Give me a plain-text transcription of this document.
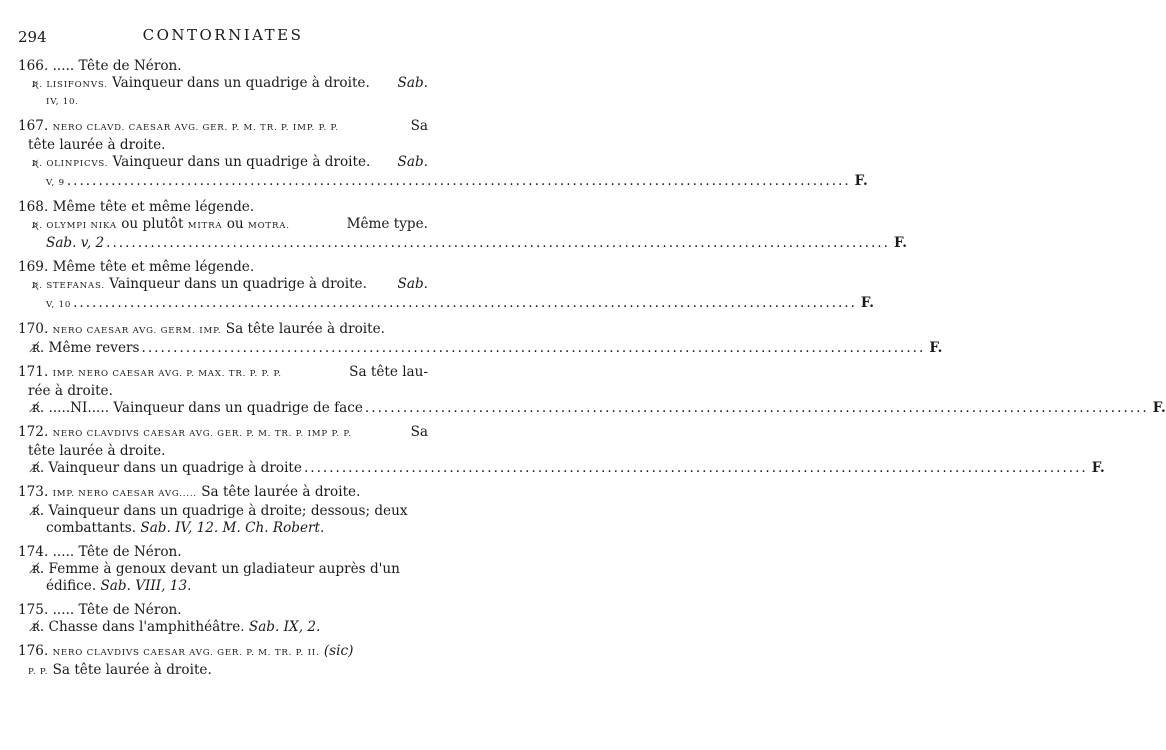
294	CONTORNIATES
166. ..... Tête de Néron.
Ʀ̸. LISIFONVS. Vainqueur dans un quadrige à droite. Sab.
IV, 10.
167. NERO CLAVD. CAESAR AVG. GER. P. M. TR. P. IMP. P. P.	Sa
tête laurée à droite.
Ʀ̸. OLINPICVS. Vainqueur dans un quadrige à droite. Sab.
V, 9 ............................................................................................................................ F.
168. Même tête et même légende.
Ʀ̸. OLYMPI NIKA ou plutôt MITRA ou MOTRA.	Même type.
Sab. v, 2 ............................................................................................................................ F.
169. Même tête et même légende.
Ʀ̸. STEFANAS. Vainqueur dans un quadrige à droite. Sab.
V, 10 ............................................................................................................................ F.
170. NERO CAESAR AVG. GERM. IMP. Sa tête laurée à droite.
ʀ̸. Même revers ............................................................................................................................ F.
171. IMP. NERO CAESAR AVG. P. MAX. TR. P. P. P.	Sa tête lau-
rée à droite.
ʀ̸. .....NI..... Vainqueur dans un quadrige de face ............................................................................................................................ F.
172. NERO CLAVDIVS CAESAR AVG. GER. P. M. TR. P. IMP P. P.	Sa
tête laurée à droite.
ʀ̸. Vainqueur dans un quadrige à droite ............................................................................................................................ F.
173. IMP. NERO CAESAR AVG..... Sa tête laurée à droite.
ʀ̸. Vainqueur dans un quadrige à droite; dessous; deux
combattants. Sab. IV, 12. M. Ch. Robert.
174. ..... Tête de Néron.
ʀ̸. Femme à genoux devant un gladiateur auprès d'un
édifice. Sab. VIII, 13.
175. ..... Tête de Néron.
ʀ̸. Chasse dans l'amphithéâtre. Sab. IX, 2.
176. NERO CLAVDIVS CAESAR AVG. GER. P. M. TR. P. II. (sic)
P. P. Sa tête laurée à droite.
